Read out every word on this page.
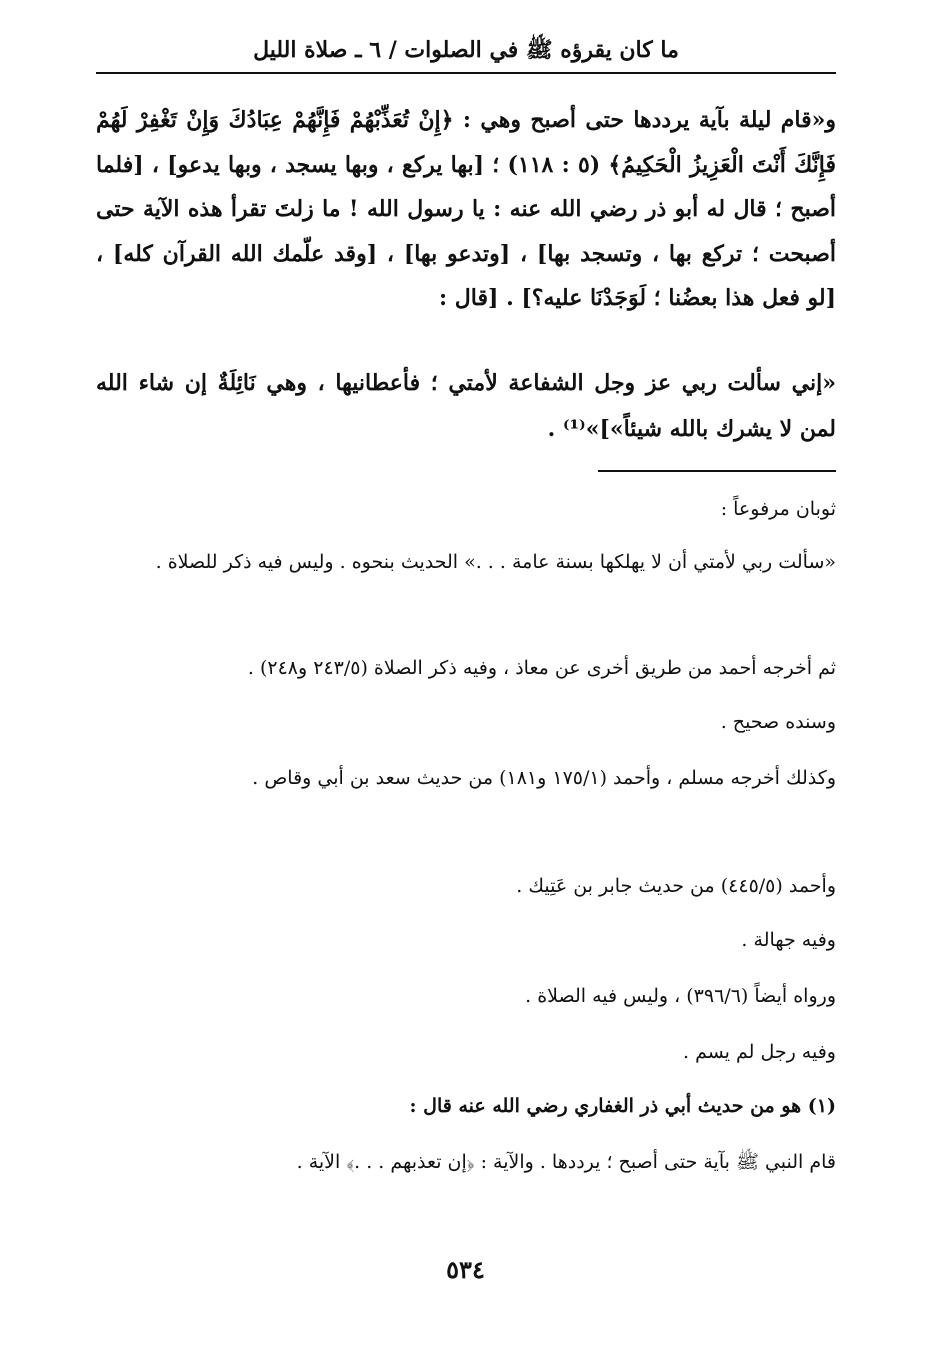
ما كان يقرؤه ﷺ في الصلوات / ٦ ـ صلاة الليل

و«قام ليلة بآية يرددها حتى أصبح وهي : ﴿إِنْ تُعَذِّبْهُمْ فَإِنَّهُمْ عِبَادُكَ وَإِنْ تَغْفِرْ لَهُمْ فَإِنَّكَ أَنْتَ الْعَزِيزُ الْحَكِيمُ﴾ (٥ : ١١٨) ؛ [بها يركع ، وبها يسجد ، وبها يدعو] ، [فلما أصبح ؛ قال له أبو ذر رضي الله عنه : يا رسول الله ! ما زلتَ تقرأ هذه الآية حتى أصبحت ؛ تركع بها ، وتسجد بها] ، [وتدعو بها] ، [وقد علّمك الله القرآن كله] ، [لو فعل هذا بعضُنا ؛ لَوَجَدْنَا عليه؟] . [قال :

«إني سألت ربي عز وجل الشفاعة لأمتي ؛ فأعطانيها ، وهي نَائِلَةٌ إن شاء الله لمن لا يشرك بالله شيئاً»]»⁽¹⁾ .

ثوبان مرفوعاً :

«سألت ربي لأمتي أن لا يهلكها بسنة عامة . . .» الحديث بنحوه . وليس فيه ذكر للصلاة .

ثم أخرجه أحمد من طريق أخرى عن معاذ ، وفيه ذكر الصلاة (٢٤٣/٥ و٢٤٨) .

وسنده صحيح .

وكذلك أخرجه مسلم ، وأحمد (١٧٥/١ و١٨١) من حديث سعد بن أبي وقاص .

وأحمد (٤٤٥/٥) من حديث جابر بن عَتِيك .

وفيه جهالة .

ورواه أيضاً (٣٩٦/٦) ، وليس فيه الصلاة .

وفيه رجل لم يسم .

(١) هو من حديث أبي ذر الغفاري رضي الله عنه قال :

قام النبي ﷺ بآية حتى أصبح ؛ يرددها . والآية : ﴿إن تعذبهم . . .﴾ الآية .

٥٣٤
